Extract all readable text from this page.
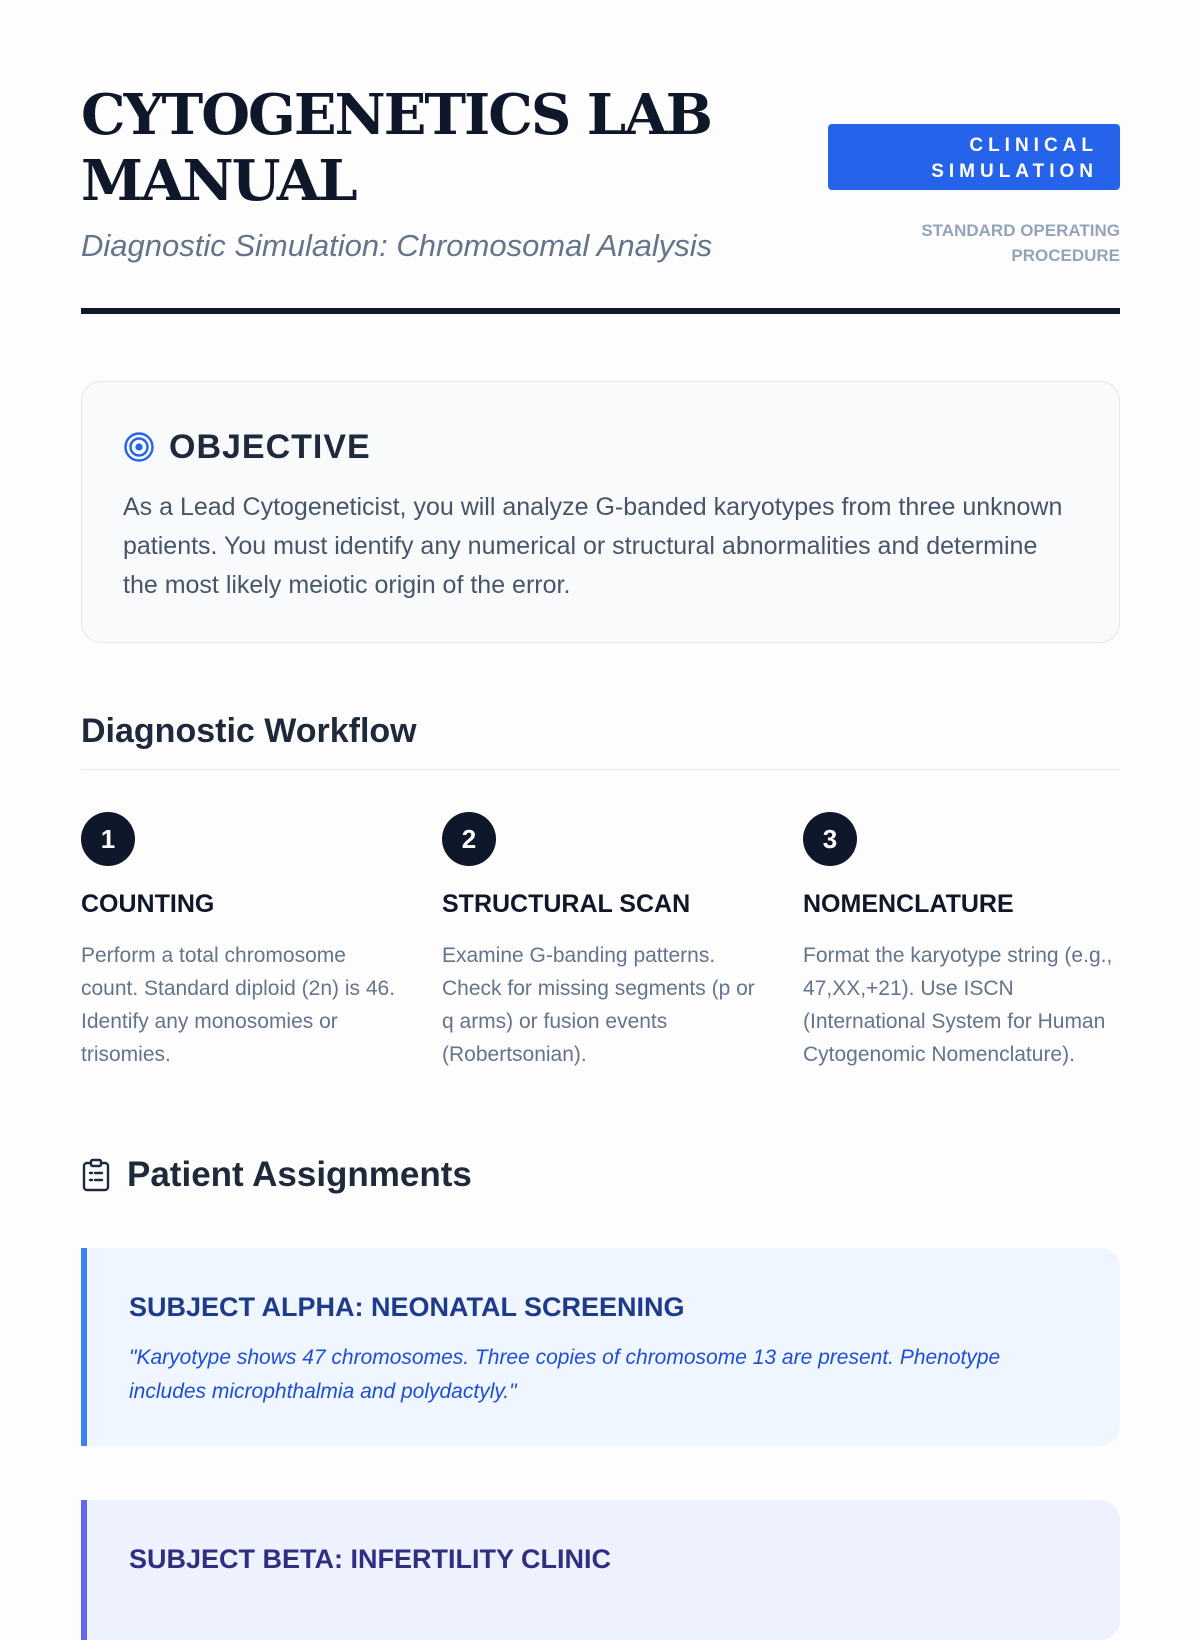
CYTOGENETICS LAB MANUAL

Diagnostic Simulation: Chromosomal Analysis

CLINICAL SIMULATION
STANDARD OPERATING PROCEDURE
OBJECTIVE

As a Lead Cytogeneticist, you will analyze G-banded karyotypes from three unknown patients. You must identify any numerical or structural abnormalities and determine the most likely meiotic origin of the error.

Diagnostic Workflow
1
COUNTING
Perform a total chromosome count. Standard diploid (2n) is 46. Identify any monosomies or trisomies.
2
STRUCTURAL SCAN
Examine G-banding patterns. Check for missing segments (p or q arms) or fusion events (Robertsonian).
3
NOMENCLATURE
Format the karyotype string (e.g., 47,XX,+21). Use ISCN (International System for Human Cytogenomic Nomenclature).
Patient Assignments
SUBJECT ALPHA: NEONATAL SCREENING
"Karyotype shows 47 chromosomes. Three copies of chromosome 13 are present. Phenotype includes microphthalmia and polydactyly."
SUBJECT BETA: INFERTILITY CLINIC
